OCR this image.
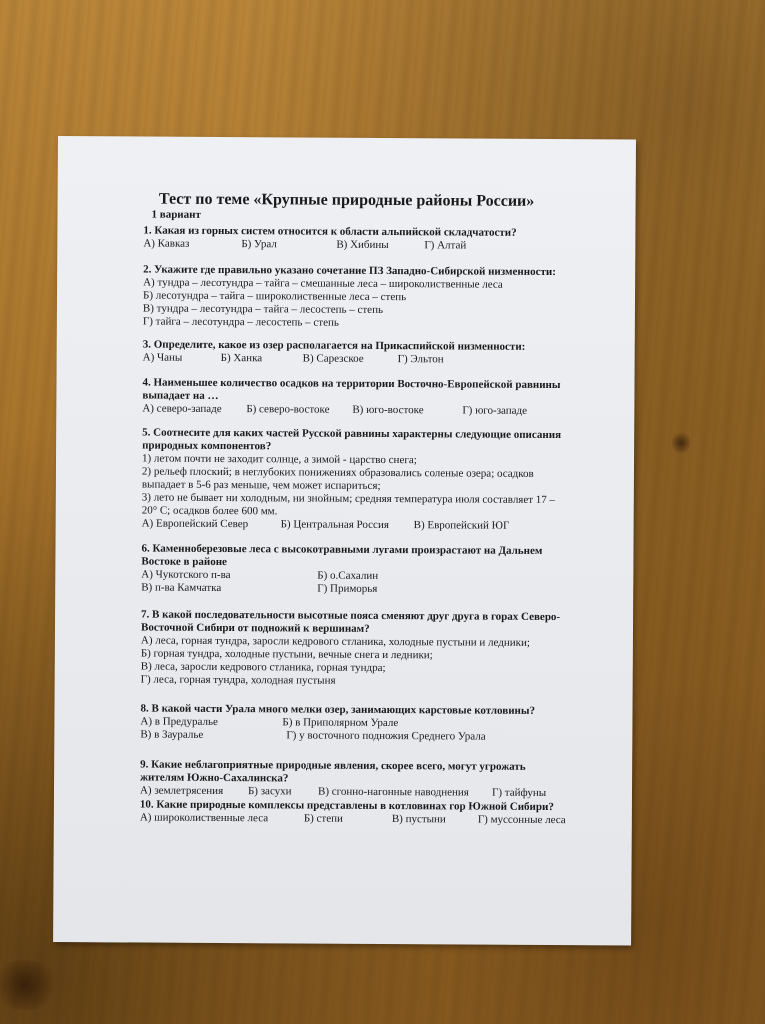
Тест по теме «Крупные природные районы России»
1 вариант
1. Какая из горных систем относится к области альпийской складчатости?
А) Кавказ	Б) Урал	В) Хибины	Г) Алтай
2. Укажите где правильно указано сочетание ПЗ Западно-Сибирской низменности:
А) тундра – лесотундра – тайга – смешанные леса – широколиственные леса
Б) лесотундра – тайга – широколиственные леса – степь
В) тундра – лесотундра – тайга – лесостепь – степь
Г) тайга – лесотундра – лесостепь – степь
3. Определите, какое из озер располагается на Прикаспийской низменности:
А) Чаны	Б) Ханка	В) Сарезское	Г) Эльтон
4. Наименьшее количество осадков на территории Восточно-Европейской равнины
выпадает на …
А) северо-западе Б) северо-востоке В) юго-востоке	Г) юго-западе
5. Соотнесите для каких частей Русской равнины характерны следующие описания
природных компонентов?
1) летом почти не заходит солнце, а зимой - царство снега;
2) рельеф плоский; в неглубоких понижениях образовались соленые озера; осадков
выпадает в 5-6 раз меньше, чем может испариться;
3) лето не бывает ни холодным, ни знойным; средняя температура июля составляет 17 –
20° С; осадков более 600 мм.
А) Европейский Север	Б) Центральная Россия В) Европейский ЮГ
6. Каменноберезовые леса с высокотравными лугами произрастают на Дальнем
Востоке в районе
А) Чукотского п-ва	Б) о.Сахалин
В) п-ва Камчатка	Г) Приморья
7. В какой последовательности высотные пояса сменяют друг друга в горах Северо-
Восточной Сибири от подножий к вершинам?
А) леса, горная тундра, заросли кедрового стланика, холодные пустыни и ледники;
Б) горная тундра, холодные пустыни, вечные снега и ледники;
В) леса, заросли кедрового стланика, горная тундра;
Г) леса, горная тундра, холодная пустыня
8. В какой части Урала много мелки озер, занимающих карстовые котловины?
А) в Предуралье	Б) в Приполярном Урале
В) в Зауралье	Г) у восточного подножия Среднего Урала
9. Какие неблагоприятные природные явления, скорее всего, могут угрожать
жителям Южно-Сахалинска?
А) землетрясения Б) засухи В) сгонно-нагонные наводнения Г) тайфуны
10. Какие природные комплексы представлены в котловинах гор Южной Сибири?
А) широколиственные леса	Б) степи	В) пустыни	Г) муссонные леса
